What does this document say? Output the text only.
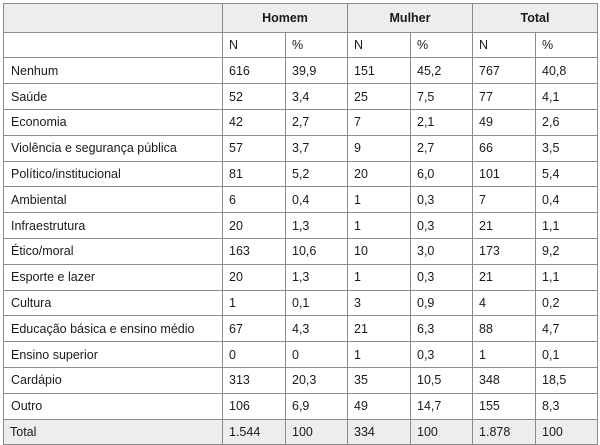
	Homem		Mulher		Total	
	N	%	N	%	N	%
Nenhum	616	39,9	151	45,2	767	40,8
Saúde	52	3,4	25	7,5	77	4,1
Economia	42	2,7	7	2,1	49	2,6
Violência e segurança pública	57	3,7	9	2,7	66	3,5
Político/institucional	81	5,2	20	6,0	101	5,4
Ambiental	6	0,4	1	0,3	7	0,4
Infraestrutura	20	1,3	1	0,3	21	1,1
Ético/moral	163	10,6	10	3,0	173	9,2
Esporte e lazer	20	1,3	1	0,3	21	1,1
Cultura	1	0,1	3	0,9	4	0,2
Educação básica e ensino médio	67	4,3	21	6,3	88	4,7
Ensino superior	0	0	1	0,3	1	0,1
Cardápio	313	20,3	35	10,5	348	18,5
Outro	106	6,9	49	14,7	155	8,3
Total	1.544	100	334	100	1.878	100
